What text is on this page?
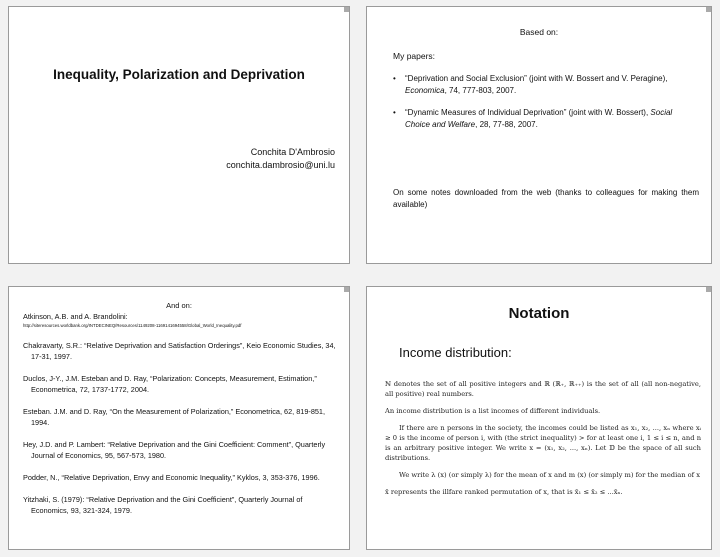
Inequality, Polarization and Deprivation

Conchita D'Ambrosio

conchita.dambrosio@uni.lu

Based on:

My papers:

• “Deprivation and Social Exclusion” (joint with W. Bossert and V. Peragine), Economica, 74, 777-803, 2007.
• “Dynamic Measures of Individual Deprivation” (joint with W. Bossert), Social Choice and Welfare, 28, 77-88, 2007.

On some notes downloaded from the web (thanks to colleagues for making them available)

And on:

Atkinson, A.B. and A. Brandolini:
http://siteresources.worldbank.org/INTDECINEQ/Resources/1149208-1169141694558/Global_World_Inequality.pdf
Chakravarty, S.R.: “Relative Deprivation and Satisfaction Orderings”, Keio Economic Studies, 34, 17-31, 1997.
Duclos, J-Y., J.M. Esteban and D. Ray, “Polarization: Concepts, Measurement, Estimation,” Econometrica, 72, 1737-1772, 2004.
Esteban. J.M. and D. Ray, “On the Measurement of Polarization,” Econometrica, 62, 819-851, 1994.
Hey, J.D. and P. Lambert: “Relative Deprivation and the Gini Coefficient: Comment”, Quarterly Journal of Economics, 95, 567-573, 1980.
Podder, N., “Relative Deprivation, Envy and Economic Inequality,” Kyklos, 3, 353-376, 1996.
Yitzhaki, S. (1979): “Relative Deprivation and the Gini Coefficient”, Quarterly Journal of Economics, 93, 321-324, 1979.

Notation

Income distribution:

ℕ denotes the set of all positive integers and ℝ (ℝ₊, ℝ₊₊) is the set of all (all non-negative, all positive) real numbers.

An income distribution is a list incomes of different individuals.

If there are n persons in the society, the incomes could be listed as x₁, x₂, ..., xₙ where xᵢ ≥ 0 is the income of person i, with (the strict inequality) > for at least one i, 1 ≤ i ≤ n, and n is an arbitrary positive integer. We write x = (x₁, x₂, ..., xₙ). Let 𝔻 be the space of all such distributions.

We write λ (x) (or simply λ) for the mean of x and m (x) (or simply m) for the median of x

x̄ represents the illfare ranked permutation of x, that is x̄₁ ≤ x̄₂ ≤ ...x̄ₙ.
